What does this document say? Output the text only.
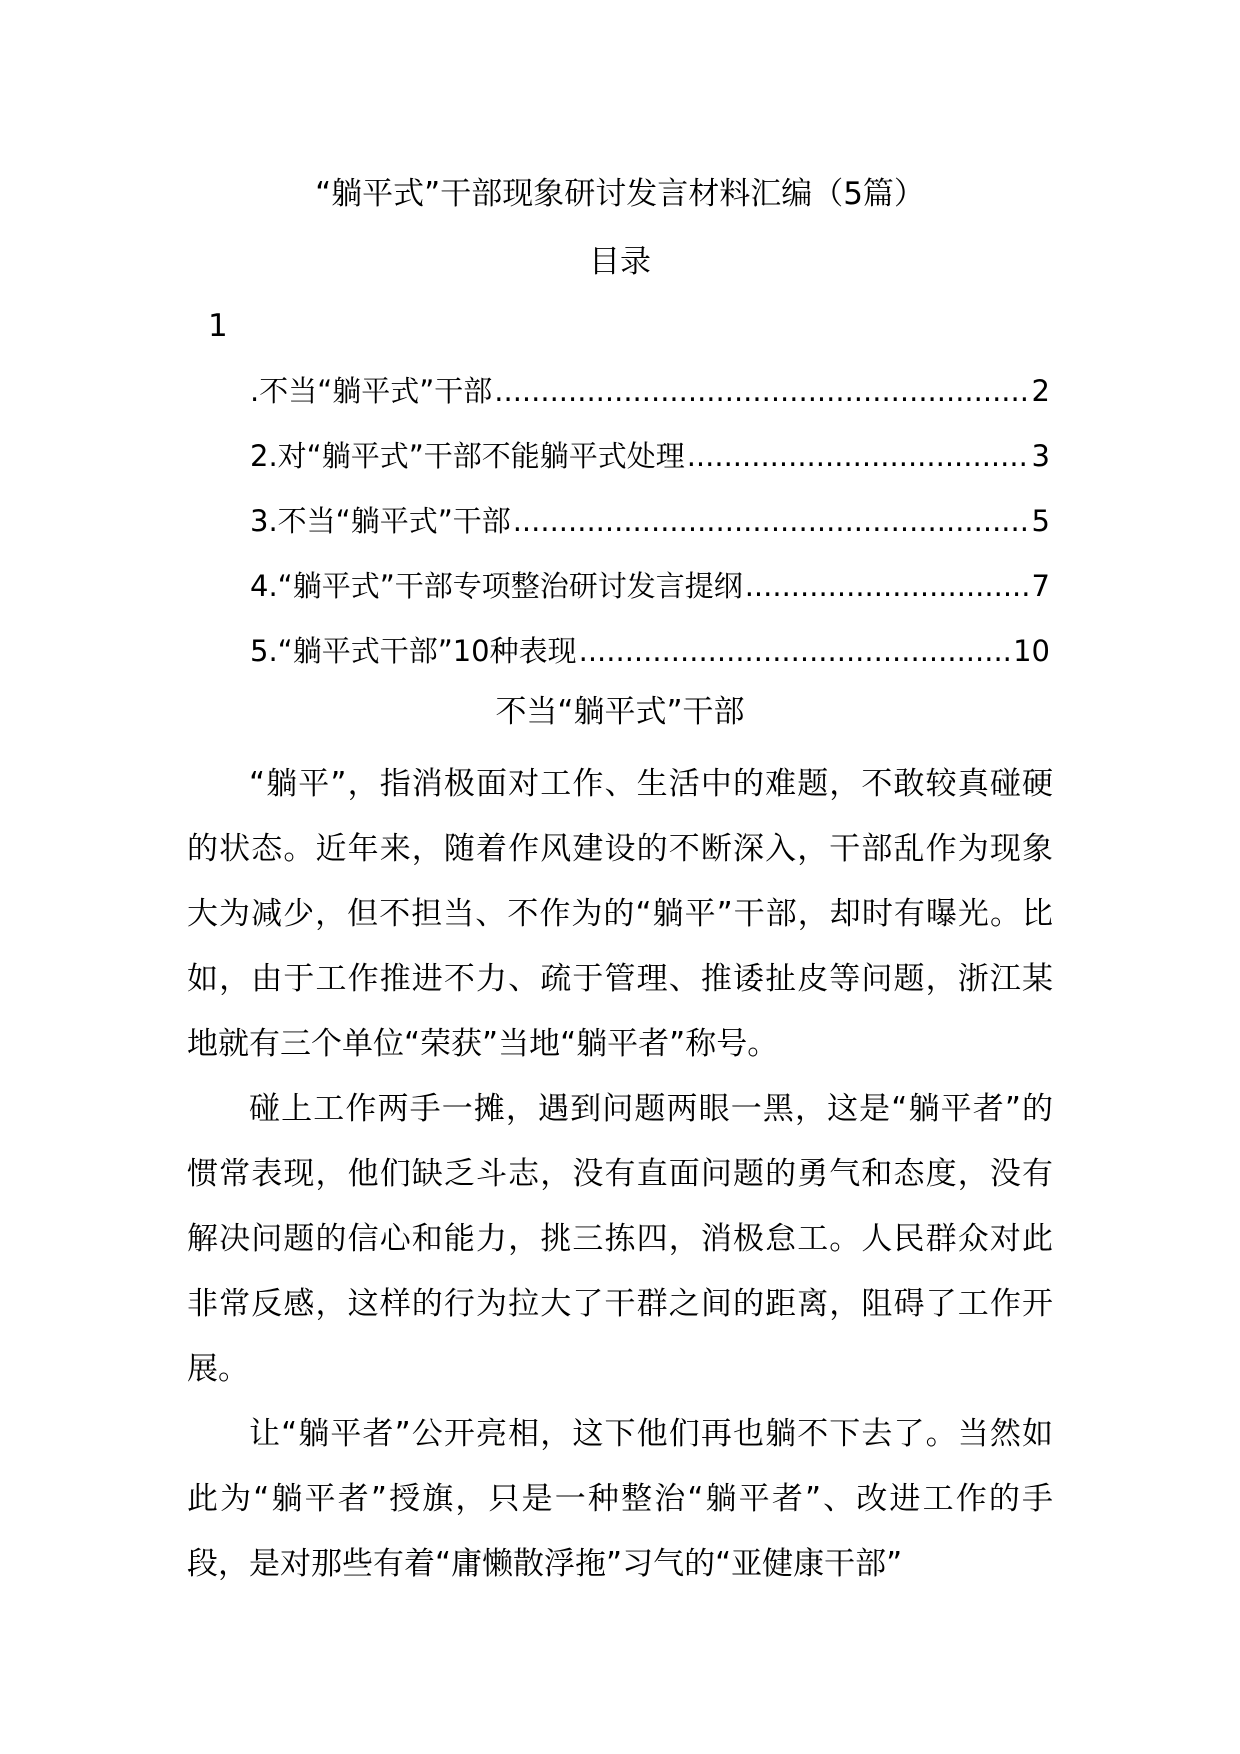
“躺平式”干部现象研讨发言材料汇编（5篇）
目录
1
.不当“躺平式”干部 .....	2
2.对“躺平式”干部不能躺平式处理 .....	3
3.不当“躺平式”干部 .....	5
4.“躺平式”干部专项整治研讨发言提纲 .....	7
5.“躺平式干部”10种表现 .....	10
不当“躺平式”干部

“躺平”，指消极面对工作、生活中的难题，不敢较真碰硬的状态。近年来，随着作风建设的不断深入，干部乱作为现象大为减少，但不担当、不作为的“躺平”干部，却时有曝光。比如，由于工作推进不力、疏于管理、推诿扯皮等问题，浙江某地就有三个单位“荣获”当地“躺平者”称号。

碰上工作两手一摊，遇到问题两眼一黑，这是“躺平者”的惯常表现，他们缺乏斗志，没有直面问题的勇气和态度，没有解决问题的信心和能力，挑三拣四，消极怠工。人民群众对此非常反感，这样的行为拉大了干群之间的距离，阻碍了工作开展。

让“躺平者”公开亮相，这下他们再也躺不下去了。当然如此为“躺平者”授旗，只是一种整治“躺平者”、改进工作的手段，是对那些有着“庸懒散浮拖”习气的“亚健康干部”
